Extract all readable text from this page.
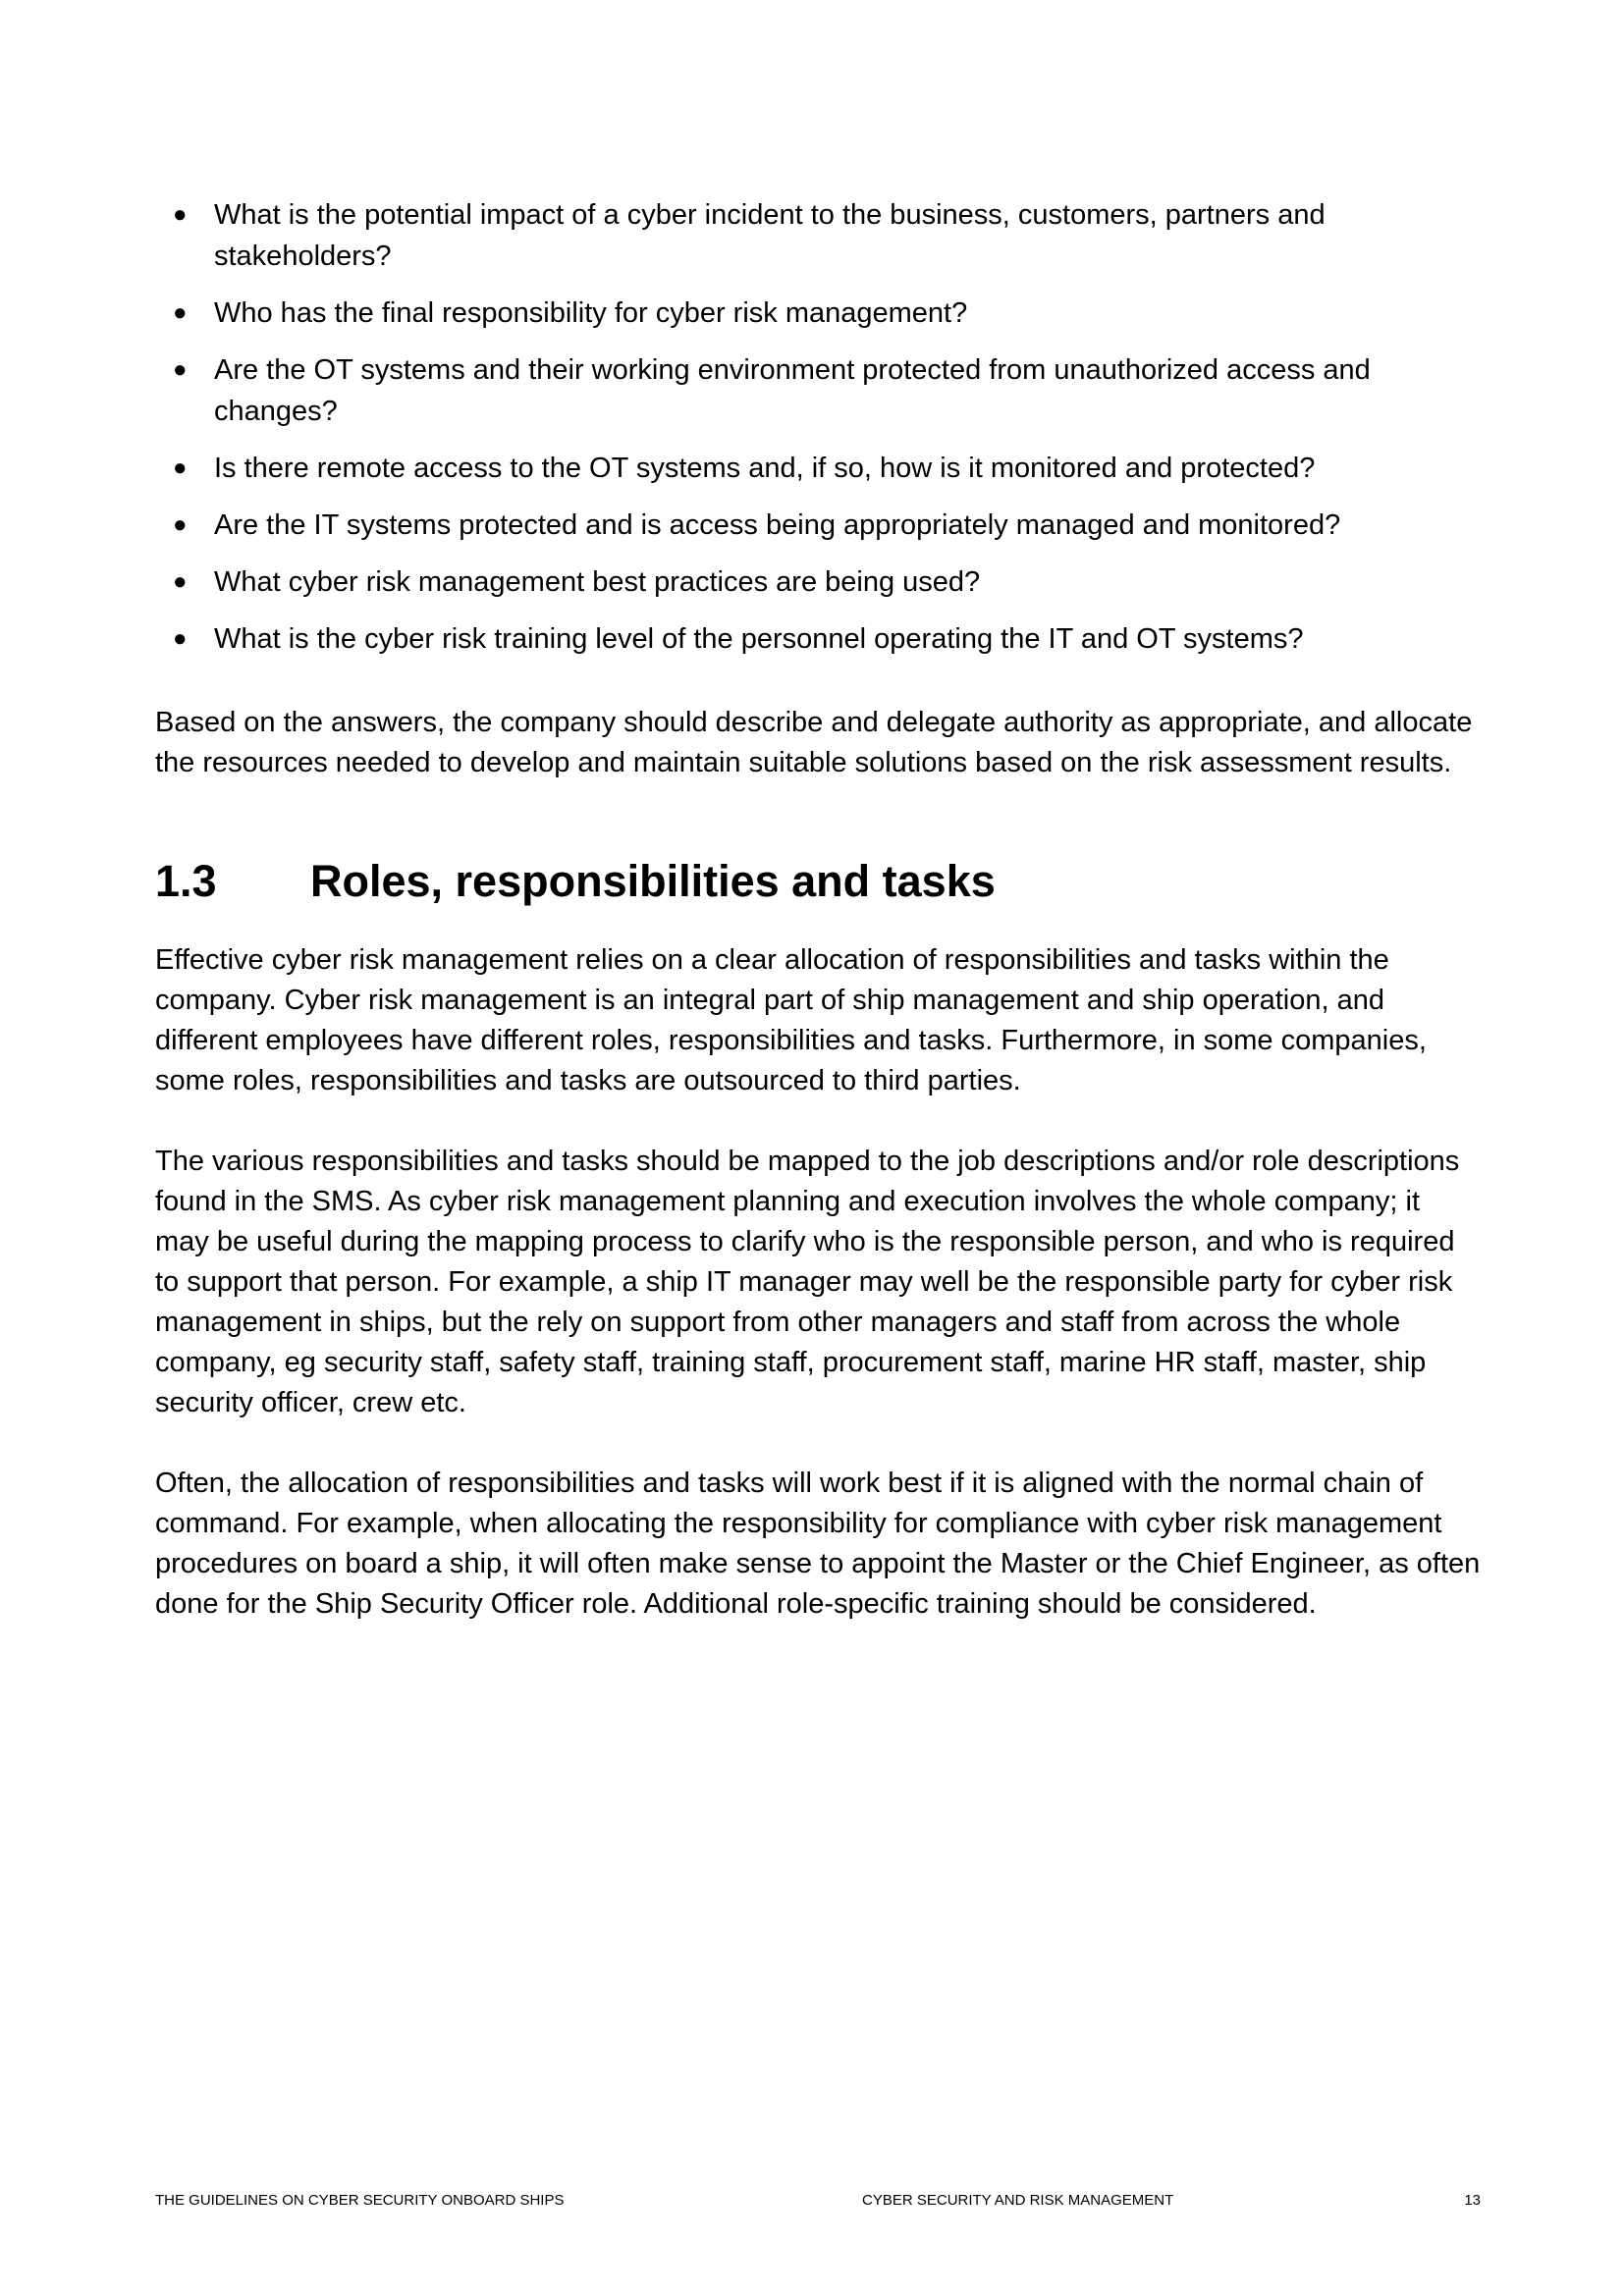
● What is the potential impact of a cyber incident to the business, customers, partners and stakeholders?
● Who has the final responsibility for cyber risk management?
● Are the OT systems and their working environment protected from unauthorized access and changes?
● Is there remote access to the OT systems and, if so, how is it monitored and protected?
● Are the IT systems protected and is access being appropriately managed and monitored?
● What cyber risk management best practices are being used?
● What is the cyber risk training level of the personnel operating the IT and OT systems?

Based on the answers, the company should describe and delegate authority as appropriate, and allocate the resources needed to develop and maintain suitable solutions based on the risk assessment results.

1.3	Roles, responsibilities and tasks

Effective cyber risk management relies on a clear allocation of responsibilities and tasks within the company. Cyber risk management is an integral part of ship management and ship operation, and different employees have different roles, responsibilities and tasks. Furthermore, in some companies, some roles, responsibilities and tasks are outsourced to third parties.

The various responsibilities and tasks should be mapped to the job descriptions and/or role descriptions found in the SMS. As cyber risk management planning and execution involves the whole company; it may be useful during the mapping process to clarify who is the responsible person, and who is required to support that person. For example, a ship IT manager may well be the responsible party for cyber risk management in ships, but the rely on support from other managers and staff from across the whole company, eg security staff, safety staff, training staff, procurement staff, marine HR staff, master, ship security officer, crew etc.

Often, the allocation of responsibilities and tasks will work best if it is aligned with the normal chain of command. For example, when allocating the responsibility for compliance with cyber risk management procedures on board a ship, it will often make sense to appoint the Master or the Chief Engineer, as often done for the Ship Security Officer role. Additional role-specific training should be considered.

THE GUIDELINES ON CYBER SECURITY ONBOARD SHIPS	CYBER SECURITY AND RISK MANAGEMENT	13
